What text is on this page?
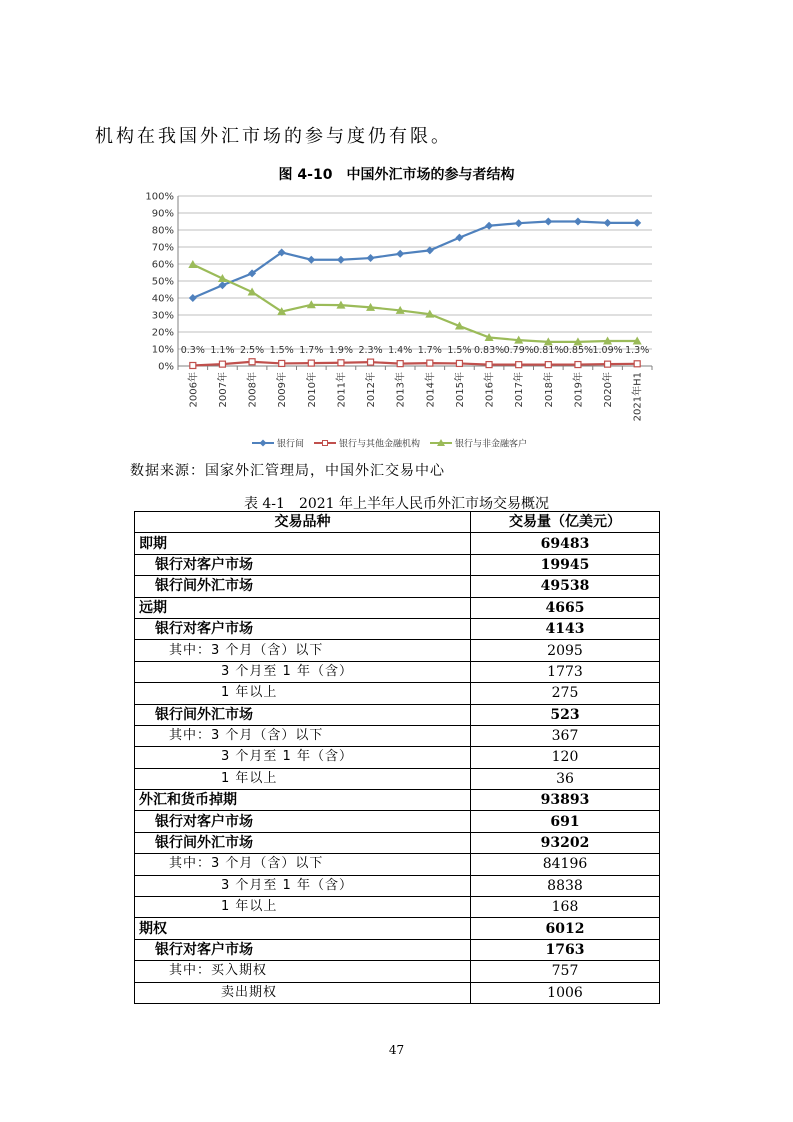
机构在我国外汇市场的参与度仍有限。
图 4-10　中国外汇市场的参与者结构
0%
10%
20%
30%
40%
50%
60%
70%
80%
90%
100%
2006年 2007年 2008年 2009年 2010年 2011年 2012年 2013年 2014年 2015年 2016年 2017年 2018年 2019年 2020年 2021年H1
0.3% 1.1% 2.5% 1.5% 1.7% 1.9% 2.3% 1.4% 1.7% 1.5% 0.83% 0.79% 0.81% 0.85% 1.09% 1.3%
银行间	银行与其他金融机构	银行与非金融客户
数据来源：国家外汇管理局，中国外汇交易中心
表 4-1　2021 年上半年人民币外汇市场交易概况
交易品种	交易量（亿美元）
即期	69483
银行对客户市场	19945
银行间外汇市场	49538
远期	4665
银行对客户市场	4143
其中：3 个月（含）以下	2095
3 个月至 1 年（含）	1773
1 年以上	275
银行间外汇市场	523
其中：3 个月（含）以下	367
3 个月至 1 年（含）	120
1 年以上	36
外汇和货币掉期	93893
银行对客户市场	691
银行间外汇市场	93202
其中：3 个月（含）以下	84196
3 个月至 1 年（含）	8838
1 年以上	168
期权	6012
银行对客户市场	1763
其中：买入期权	757
卖出期权	1006
47
